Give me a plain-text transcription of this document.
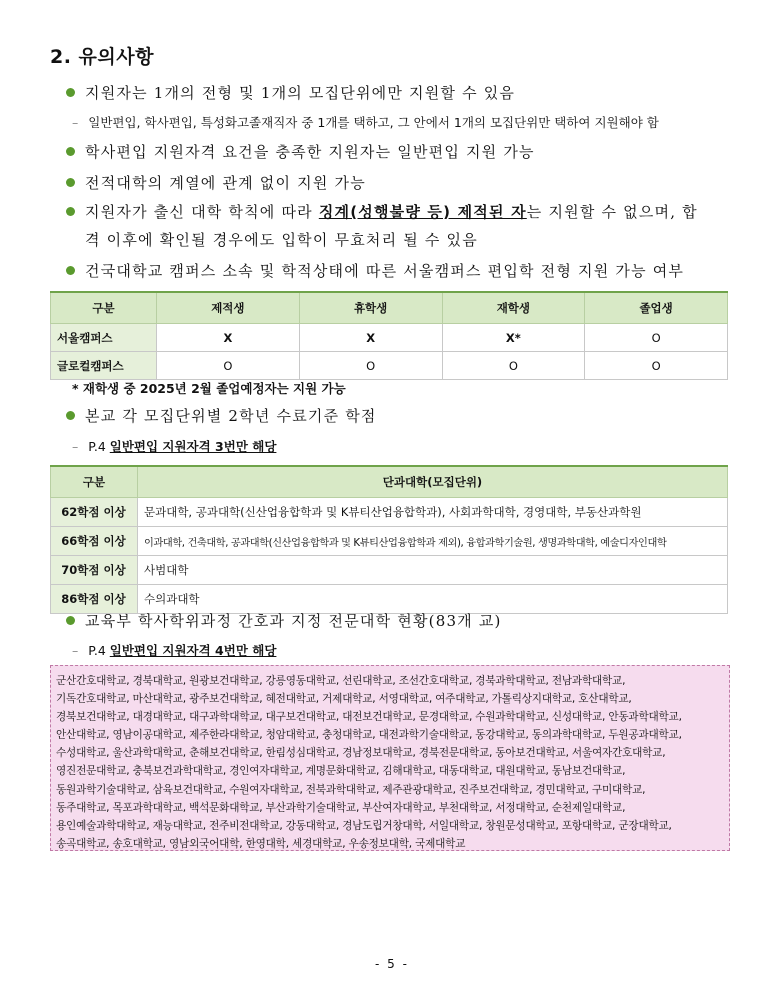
2. 유의사항
지원자는 1개의 전형 및 1개의 모집단위에만 지원할 수 있음
– 일반편입, 학사편입, 특성화고졸재직자 중 1개를 택하고, 그 안에서 1개의 모집단위만 택하여 지원해야 함
학사편입 지원자격 요건을 충족한 지원자는 일반편입 지원 가능
전적대학의 계열에 관계 없이 지원 가능
지원자가 출신 대학 학칙에 따라 징계(성행불량 등) 제적된 자는 지원할 수 없으며, 합
격 이후에 확인될 경우에도 입학이 무효처리 될 수 있음
건국대학교 캠퍼스 소속 및 학적상태에 따른 서울캠퍼스 편입학 전형 지원 가능 여부
구분	제적생	휴학생	재학생	졸업생
서울캠퍼스	X	X	X*	O
글로컬캠퍼스	O	O	O	O
* 재학생 중 2025년 2월 졸업예정자는 지원 가능
본교 각 모집단위별 2학년 수료기준 학점
– P.4 일반편입 지원자격 3번만 해당
구분	단과대학(모집단위)
62학점 이상	문과대학, 공과대학(신산업융합학과 및 K뷰티산업융합학과), 사회과학대학, 경영대학, 부동산과학원
66학점 이상	이과대학, 건축대학, 공과대학(신산업융합학과 및 K뷰티산업융합학과 제외), 융합과학기술원, 생명과학대학, 예술디자인대학
70학점 이상	사범대학
86학점 이상	수의과대학
교육부 학사학위과정 간호과 지정 전문대학 현황(83개 교)
– P.4 일반편입 지원자격 4번만 해당
군산간호대학교, 경북대학교, 원광보건대학교, 강릉영동대학교, 선린대학교, 조선간호대학교, 경북과학대학교, 전남과학대학교,
기독간호대학교, 마산대학교, 광주보건대학교, 혜전대학교, 거제대학교, 서영대학교, 여주대학교, 가톨릭상지대학교, 호산대학교,
경북보건대학교, 대경대학교, 대구과학대학교, 대구보건대학교, 대전보건대학교, 문경대학교, 수원과학대학교, 신성대학교, 안동과학대학교,
안산대학교, 영남이공대학교, 제주한라대학교, 청암대학교, 충청대학교, 대전과학기술대학교, 동강대학교, 동의과학대학교, 두원공과대학교,
수성대학교, 울산과학대학교, 춘해보건대학교, 한림성심대학교, 경남정보대학교, 경북전문대학교, 동아보건대학교, 서울여자간호대학교,
영진전문대학교, 충북보건과학대학교, 경인여자대학교, 계명문화대학교, 김해대학교, 대동대학교, 대원대학교, 동남보건대학교,
동원과학기술대학교, 삼육보건대학교, 수원여자대학교, 전북과학대학교, 제주관광대학교, 진주보건대학교, 경민대학교, 구미대학교,
동주대학교, 목포과학대학교, 백석문화대학교, 부산과학기술대학교, 부산여자대학교, 부천대학교, 서정대학교, 순천제일대학교,
용인예술과학대학교, 재능대학교, 전주비전대학교, 강동대학교, 경남도립거창대학, 서일대학교, 창원문성대학교, 포항대학교, 군장대학교,
송곡대학교, 송호대학교, 영남외국어대학, 한영대학, 세경대학교, 우송정보대학, 국제대학교
- 5 -
